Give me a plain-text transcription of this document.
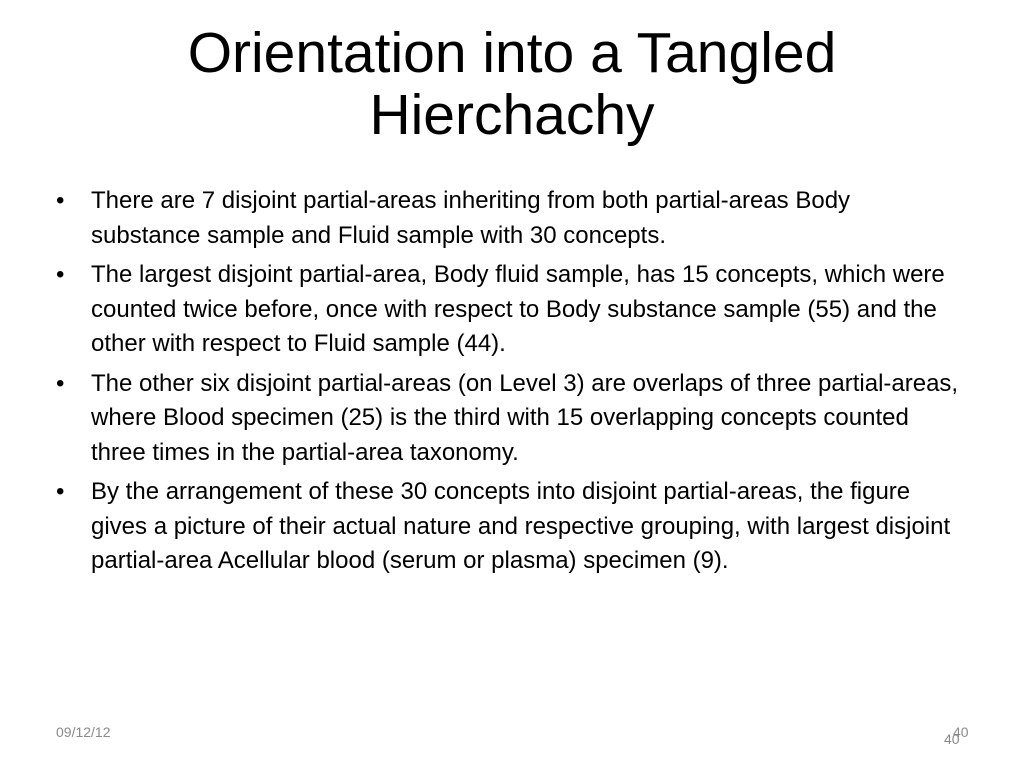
Orientation into a Tangled
Hierchachy
•	There are 7 disjoint partial-areas inheriting from both partial-areas Body substance sample and Fluid sample with 30 concepts.
•	The largest disjoint partial-area, Body fluid sample, has 15 concepts, which were counted twice before, once with respect to Body substance sample (55) and the other with respect to Fluid sample (44).
•	The other six disjoint partial-areas (on Level 3) are overlaps of three partial-areas, where Blood specimen (25) is the third with 15 overlapping concepts counted three times in the partial-area taxonomy.
•	By the arrangement of these 30 concepts into disjoint partial-areas, the figure gives a picture of their actual nature and respective grouping, with largest disjoint partial-area Acellular blood (serum or plasma) specimen (9).
09/12/12	40
40
